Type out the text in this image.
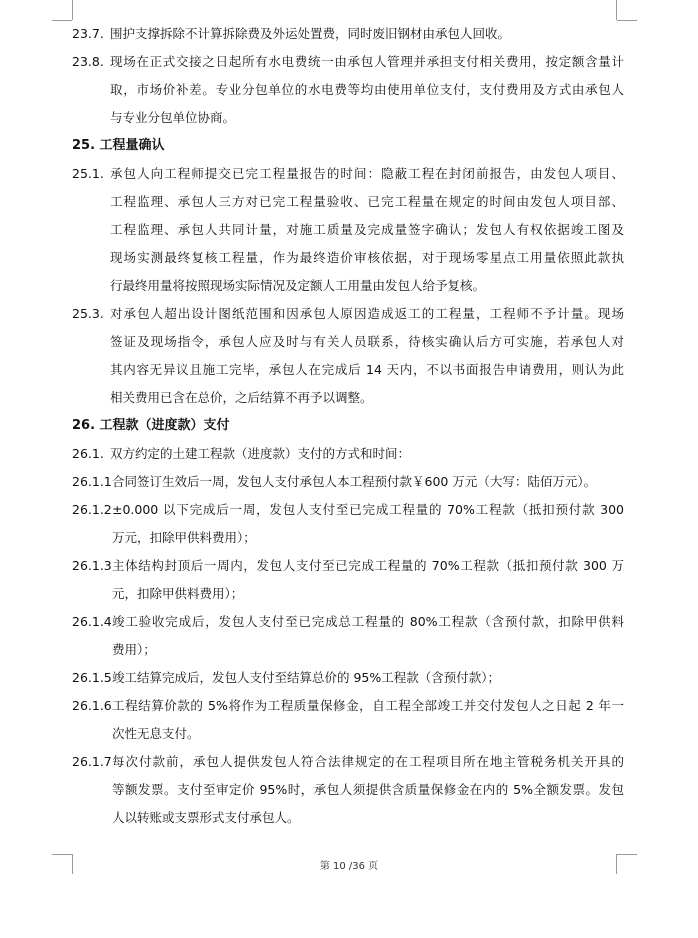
23.7. 围护支撑拆除不计算拆除费及外运处置费，同时废旧钢材由承包人回收。
23.8. 现场在正式交接之日起所有水电费统一由承包人管理并承担支付相关费用，按定额含量计
取，市场价补差。专业分包单位的水电费等均由使用单位支付，支付费用及方式由承包人
与专业分包单位协商。
25. 工程量确认
25.1. 承包人向工程师提交已完工程量报告的时间：隐蔽工程在封闭前报告，由发包人项目、
工程监理、承包人三方对已完工程量验收、已完工程量在规定的时间由发包人项目部、
工程监理、承包人共同计量，对施工质量及完成量签字确认；发包人有权依据竣工图及
现场实测最终复核工程量，作为最终造价审核依据，对于现场零星点工用量依照此款执
行最终用量将按照现场实际情况及定额人工用量由发包人给予复核。
25.3. 对承包人超出设计图纸范围和因承包人原因造成返工的工程量，工程师不予计量。现场
签证及现场指令，承包人应及时与有关人员联系，待核实确认后方可实施，若承包人对
其内容无异议且施工完毕，承包人在完成后 14 天内，不以书面报告申请费用，则认为此
相关费用已含在总价，之后结算不再予以调整。
26. 工程款（进度款）支付
26.1. 双方约定的土建工程款（进度款）支付的方式和时间：
26.1.1 合同签订生效后一周，发包人支付承包人本工程预付款￥600 万元（大写：陆佰万元）。
26.1.2 ±0.000 以下完成后一周，发包人支付至已完成工程量的 70%工程款（抵扣预付款 300
万元，扣除甲供料费用）；
26.1.3 主体结构封顶后一周内，发包人支付至已完成工程量的 70%工程款（抵扣预付款 300 万
元，扣除甲供料费用）；
26.1.4 竣工验收完成后，发包人支付至已完成总工程量的 80%工程款（含预付款，扣除甲供料
费用）；
26.1.5 竣工结算完成后，发包人支付至结算总价的 95%工程款（含预付款）；
26.1.6 工程结算价款的 5%将作为工程质量保修金，自工程全部竣工并交付发包人之日起 2 年一
次性无息支付。
26.1.7 每次付款前，承包人提供发包人符合法律规定的在工程项目所在地主管税务机关开具的
等额发票。支付至审定价 95%时，承包人须提供含质量保修金在内的 5%全额发票。发包
人以转账或支票形式支付承包人。
第 10 /36 页
